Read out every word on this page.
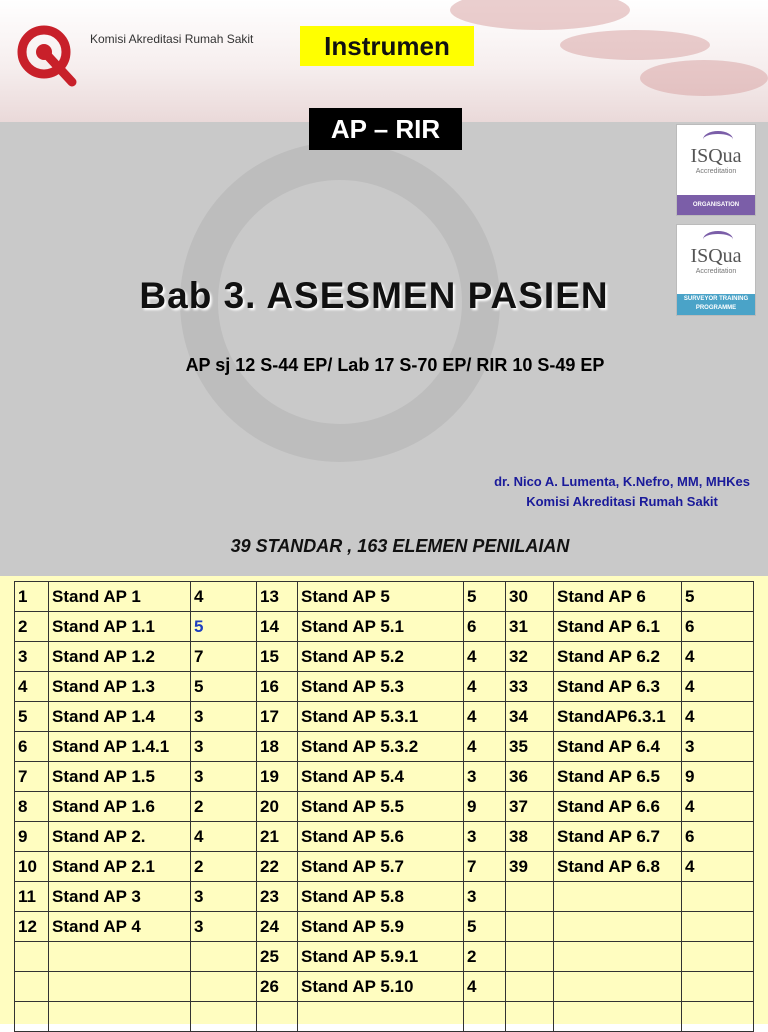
Komisi Akreditasi Rumah Sakit	Instrumen
AP – RIR
ISQua
Accreditation
ORGANISATION
ISQua
Accreditation
SURVEYOR TRAINING PROGRAMME
Bab 3. ASESMEN PASIEN
AP sj 12 S-44 EP/ Lab 17 S-70 EP/ RIR 10 S-49 EP
dr. Nico A. Lumenta, K.Nefro, MM, MHKes
Komisi Akreditasi Rumah Sakit
39 STANDAR , 163 ELEMEN PENILAIAN
1	Stand AP 1	4	13	Stand AP 5	5	30	Stand AP 6	5
2	Stand AP 1.1	5	14	Stand AP 5.1	6	31	Stand AP 6.1	6
3	Stand AP 1.2	7	15	Stand AP 5.2	4	32	Stand AP 6.2	4
4	Stand AP 1.3	5	16	Stand AP 5.3	4	33	Stand AP 6.3	4
5	Stand AP 1.4	3	17	Stand AP 5.3.1	4	34	StandAP6.3.1	4
6	Stand AP 1.4.1	3	18	Stand AP 5.3.2	4	35	Stand AP 6.4	3
7	Stand AP 1.5	3	19	Stand AP 5.4	3	36	Stand AP 6.5	9
8	Stand AP 1.6	2	20	Stand AP 5.5	9	37	Stand AP 6.6	4
9	Stand AP 2.	4	21	Stand AP 5.6	3	38	Stand AP 6.7	6
10	Stand AP 2.1	2	22	Stand AP 5.7	7	39	Stand AP 6.8	4
11	Stand AP 3	3	23	Stand AP 5.8	3			
12	Stand AP 4	3	24	Stand AP 5.9	5			
			25	Stand AP 5.9.1	2			
			26	Stand AP 5.10	4			
